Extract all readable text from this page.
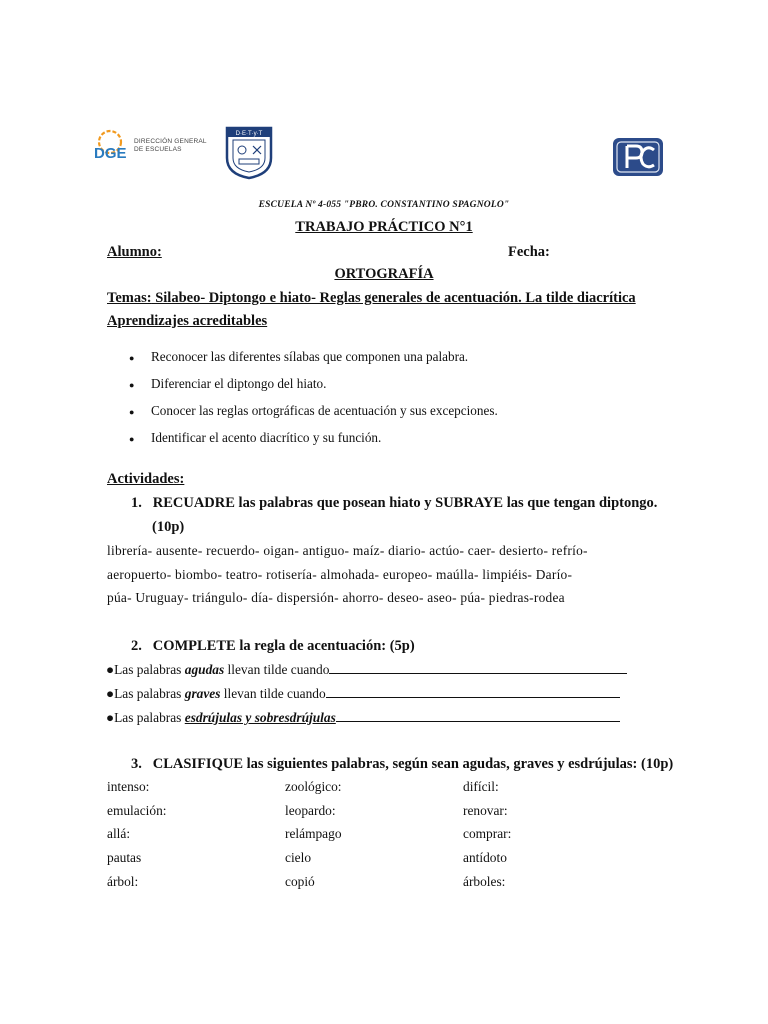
DGE
DIRECCIÓN GENERAL
DE ESCUELAS
D·E·T·y·T
ESCUELA Nº 4-055 "PBRO. CONSTANTINO SPAGNOLO"
TRABAJO PRÁCTICO N°1
Alumno:	Fecha:
ORTOGRAFÍA
Temas: Silabeo- Diptongo e hiato- Reglas generales de acentuación. La tilde diacrítica
Aprendizajes acreditables
● Reconocer las diferentes sílabas que componen una palabra.
● Diferenciar el diptongo del hiato.
● Conocer las reglas ortográficas de acentuación y sus excepciones.
● Identificar el acento diacrítico y su función.
Actividades:
1. RECUADRE las palabras que posean hiato y SUBRAYE las que tengan diptongo.
(10p)
librería- ausente- recuerdo- oigan- antiguo- maíz- diario- actúo- caer- desierto- refrío-
aeropuerto- biombo- teatro- rotisería- almohada- europeo- maúlla- limpiéis- Darío-
púa- Uruguay- triángulo- día- dispersión- ahorro- deseo- aseo- púa- piedras-rodea
2. COMPLETE la regla de acentuación: (5p)
●Las palabras agudas llevan tilde cuando
●Las palabras graves llevan tilde cuando
●Las palabras esdrújulas y sobresdrújulas
3. CLASIFIQUE las siguientes palabras, según sean agudas, graves y esdrújulas: (10p)
intenso:	zoológico:	difícil:
emulación:	leopardo:	renovar:
allá:	relámpago	comprar:
pautas	cielo	antídoto
árbol:	copió	árboles:
